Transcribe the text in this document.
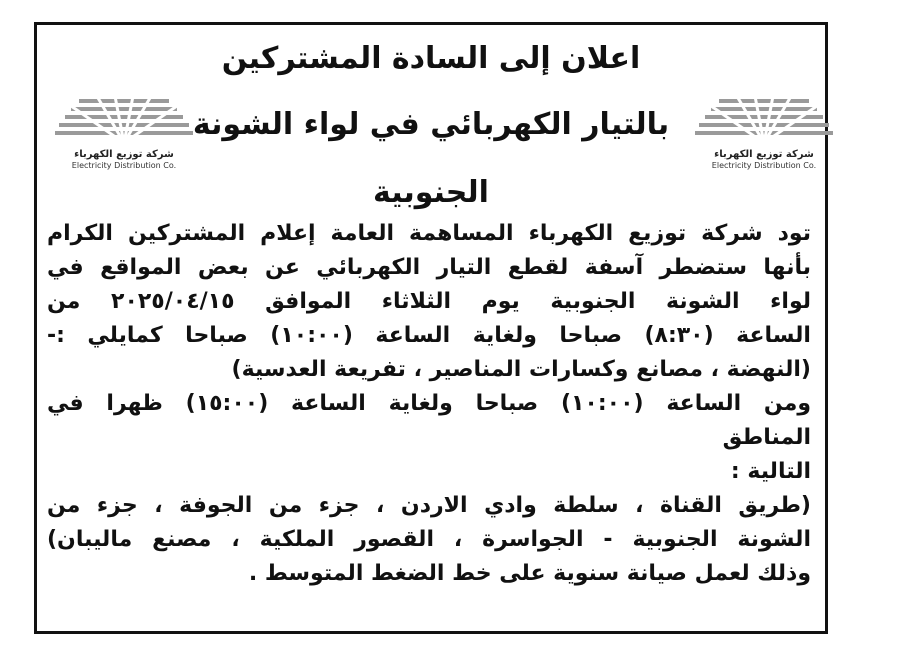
اعلان إلى السادة المشتركين
شركة توزيع الكهرباء
Electricity Distribution Co.
بالتيار الكهربائي في لواء الشونة
شركة توزيع الكهرباء
Electricity Distribution Co.
الجنوبية
تود شركة توزيع الكهرباء المساهمة العامة إعلام المشتركين الكرام
بأنها ستضطر آسفة لقطع التيار الكهربائي عن بعض المواقع في
لواء الشونة الجنوبية يوم الثلاثاء الموافق ٢٠٢٥/٠٤/١٥ من
الساعة (٨:٣٠) صباحا ولغاية الساعة (١٠:٠٠) صباحا كمايلي :-
(النهضة ، مصانع وكسارات المناصير ، تفريعة العدسية)
ومن الساعة (١٠:٠٠) صباحا ولغاية الساعة (١٥:٠٠) ظهرا في
المناطق
التالية :
(طريق القناة ، سلطة وادي الاردن ، جزء من الجوفة ، جزء من
الشونة الجنوبية - الجواسرة ، القصور الملكية ، مصنع ماليبان)
وذلك لعمل صيانة سنوية على خط الضغط المتوسط .
